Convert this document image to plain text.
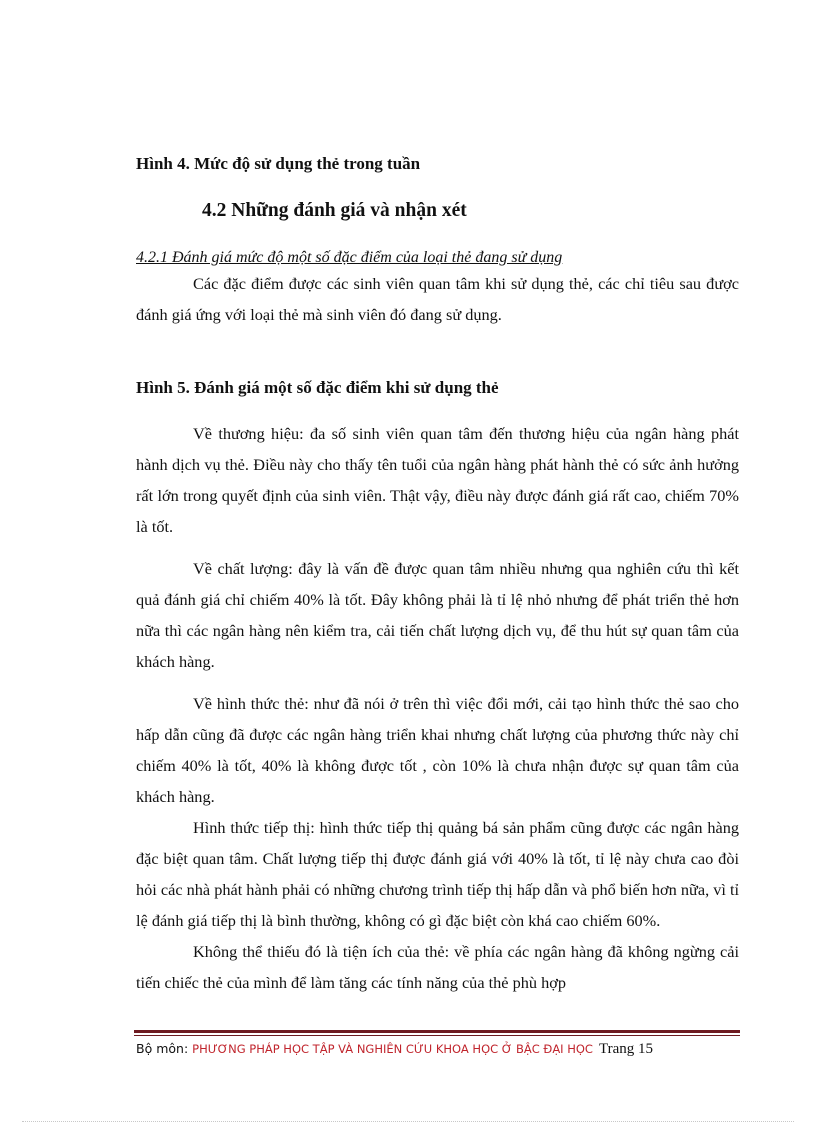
Hình 4. Mức độ sử dụng thẻ trong tuần

4.2 Những đánh giá và nhận xét

4.2.1 Đánh giá mức độ một số đặc điểm của loại thẻ đang sử dụng

Các đặc điểm được các sinh viên quan tâm khi sử dụng thẻ, các chỉ tiêu sau được đánh giá ứng với loại thẻ mà sinh viên đó đang sử dụng.

Hình 5. Đánh giá một số đặc điểm khi sử dụng thẻ

Về thương hiệu: đa số sinh viên quan tâm đến thương hiệu của ngân hàng phát hành dịch vụ thẻ. Điều này cho thấy tên tuổi của ngân hàng phát hành thẻ có sức ảnh hưởng rất lớn trong quyết định của sinh viên. Thật vậy, điều này được đánh giá rất cao, chiếm 70% là tốt.

Về chất lượng: đây là vấn đề được quan tâm nhiều nhưng qua nghiên cứu thì kết quả đánh giá chỉ chiếm 40% là tốt. Đây không phải là tỉ lệ nhỏ nhưng để phát triển thẻ hơn nữa thì các ngân hàng nên kiểm tra, cải tiến chất lượng dịch vụ, để thu hút sự quan tâm của khách hàng.

Về hình thức thẻ: như đã nói ở trên thì việc đổi mới, cải tạo hình thức thẻ sao cho hấp dẫn cũng đã được các ngân hàng triển khai nhưng chất lượng của phương thức này chỉ chiếm 40% là tốt, 40% là không được tốt , còn 10% là chưa nhận được sự quan tâm của khách hàng.

Hình thức tiếp thị: hình thức tiếp thị quảng bá sản phẩm cũng được các ngân hàng đặc biệt quan tâm. Chất lượng tiếp thị được đánh giá với 40% là tốt, tỉ lệ này chưa cao đòi hỏi các nhà phát hành phải có những chương trình tiếp thị hấp dẫn và phổ biến hơn nữa, vì tỉ lệ đánh giá tiếp thị là bình thường, không có gì đặc biệt còn khá cao chiếm 60%.

Không thể thiếu đó là tiện ích của thẻ: về phía các ngân hàng đã không ngừng cải tiến chiếc thẻ của mình để làm tăng các tính năng của thẻ phù hợp

Bộ môn: PHƯƠNG PHÁP HỌC TẬP VÀ NGHIÊN CỨU KHOA HỌC Ở BẬC ĐẠI HỌC Trang 15
